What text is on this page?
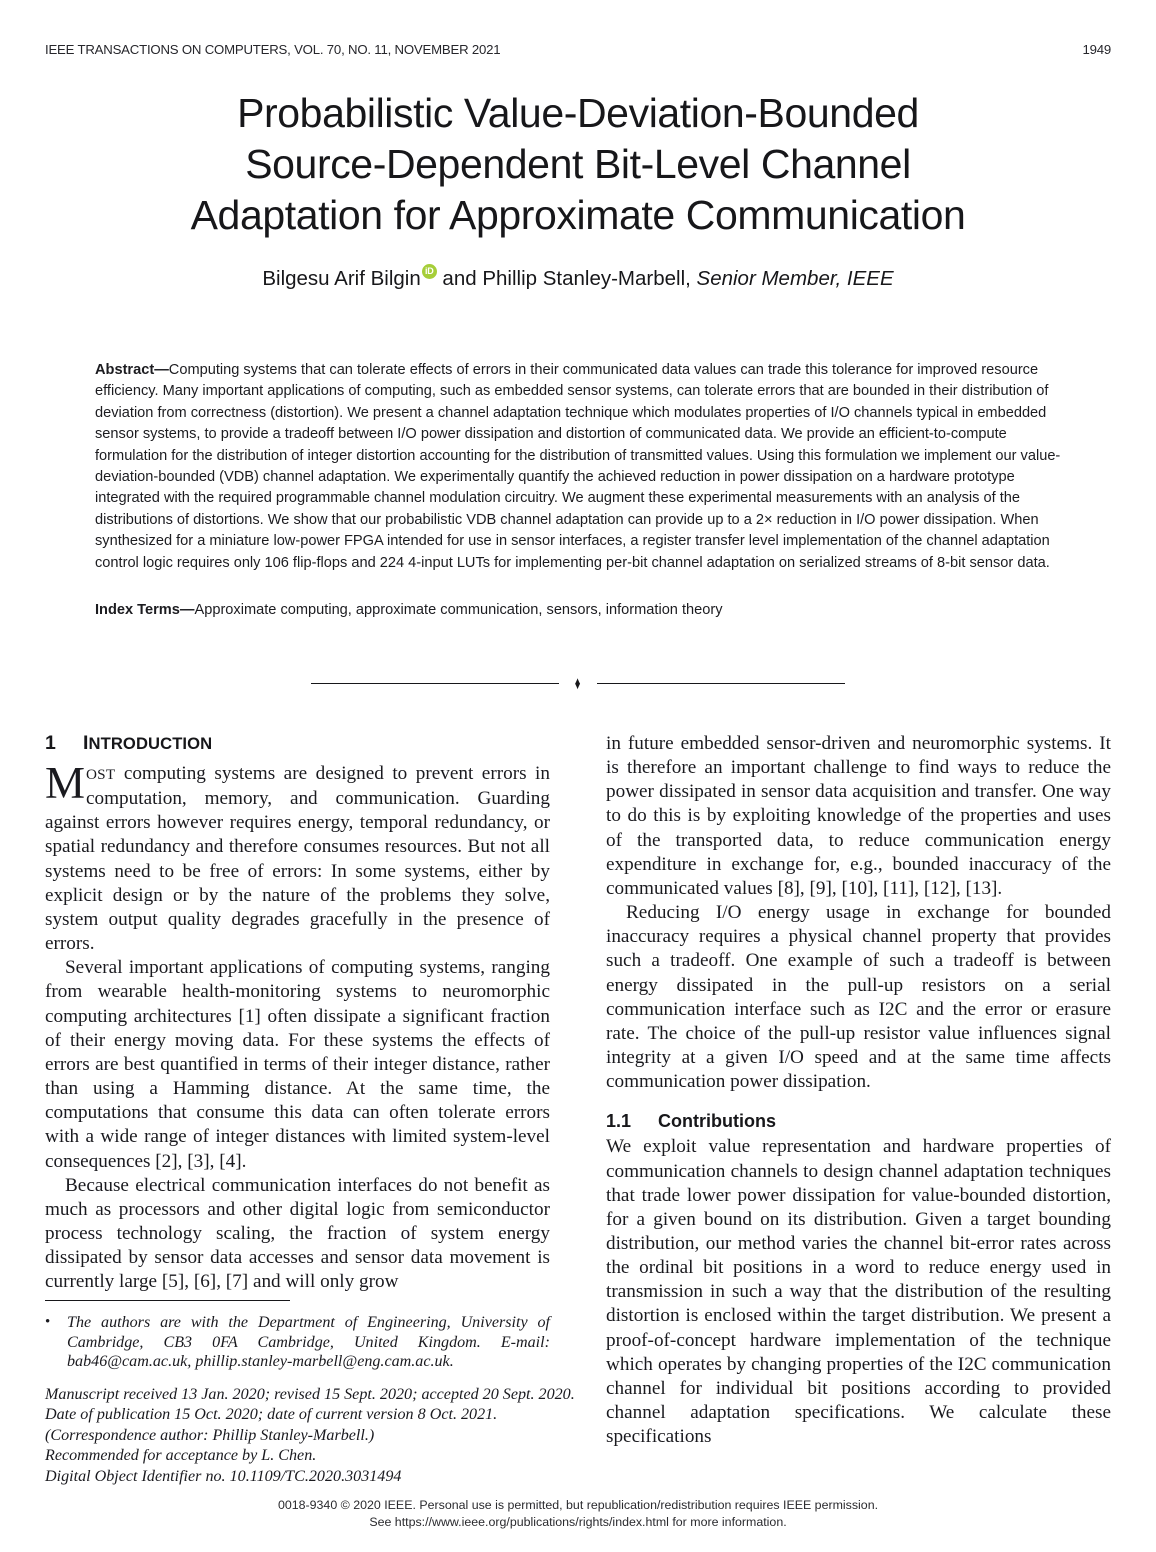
IEEE TRANSACTIONS ON COMPUTERS, VOL. 70, NO. 11, NOVEMBER 2021	1949
Probabilistic Value-Deviation-Bounded
Source-Dependent Bit-Level Channel
Adaptation for Approximate Communication
Bilgesu Arif BilginiD and Phillip Stanley-Marbell, Senior Member, IEEE

Abstract—Computing systems that can tolerate effects of errors in their communicated data values can trade this tolerance for improved resource efficiency. Many important applications of computing, such as embedded sensor systems, can tolerate errors that are bounded in their distribution of deviation from correctness (distortion). We present a channel adaptation technique which modulates properties of I/O channels typical in embedded sensor systems, to provide a tradeoff between I/O power dissipation and distortion of communicated data. We provide an efficient-to-compute formulation for the distribution of integer distortion accounting for the distribution of transmitted values. Using this formulation we implement our value-deviation-bounded (VDB) channel adaptation. We experimentally quantify the achieved reduction in power dissipation on a hardware prototype integrated with the required programmable channel modulation circuitry. We augment these experimental measurements with an analysis of the distributions of distortions. We show that our probabilistic VDB channel adaptation can provide up to a 2× reduction in I/O power dissipation. When synthesized for a miniature low-power FPGA intended for use in sensor interfaces, a register transfer level implementation of the channel adaptation control logic requires only 106 flip-flops and 224 4-input LUTs for implementing per-bit channel adaptation on serialized streams of 8-bit sensor data.

Index Terms—Approximate computing, approximate communication, sensors, information theory

♦
1 INTRODUCTION

MOST computing systems are designed to prevent errors in computation, memory, and communication. Guarding against errors however requires energy, temporal redundancy, or spatial redundancy and therefore consumes resources. But not all systems need to be free of errors: In some systems, either by explicit design or by the nature of the problems they solve, system output quality degrades gracefully in the presence of errors.

Several important applications of computing systems, ranging from wearable health-monitoring systems to neuromorphic computing architectures [1] often dissipate a significant fraction of their energy moving data. For these systems the effects of errors are best quantified in terms of their integer distance, rather than using a Hamming distance. At the same time, the computations that consume this data can often tolerate errors with a wide range of integer distances with limited system-level consequences [2], [3], [4].

Because electrical communication interfaces do not benefit as much as processors and other digital logic from semiconductor process technology scaling, the fraction of system energy dissipated by sensor data accesses and sensor data movement is currently large [5], [6], [7] and will only grow

in future embedded sensor-driven and neuromorphic systems. It is therefore an important challenge to find ways to reduce the power dissipated in sensor data acquisition and transfer. One way to do this is by exploiting knowledge of the properties and uses of the transported data, to reduce communication energy expenditure in exchange for, e.g., bounded inaccuracy of the communicated values [8], [9], [10], [11], [12], [13].

Reducing I/O energy usage in exchange for bounded inaccuracy requires a physical channel property that provides such a tradeoff. One example of such a tradeoff is between energy dissipated in the pull-up resistors on a serial communication interface such as I2C and the error or erasure rate. The choice of the pull-up resistor value influences signal integrity at a given I/O speed and at the same time affects communication power dissipation.

1.1 Contributions

We exploit value representation and hardware properties of communication channels to design channel adaptation techniques that trade lower power dissipation for value-bounded distortion, for a given bound on its distribution. Given a target bounding distribution, our method varies the channel bit-error rates across the ordinal bit positions in a word to reduce energy used in transmission in such a way that the distribution of the resulting distortion is enclosed within the target distribution. We present a proof-of-concept hardware implementation of the technique which operates by changing properties of the I2C communication channel for individual bit positions according to provided channel adaptation specifications. We calculate these specifications

•	The authors are with the Department of Engineering, University of Cambridge, CB3 0FA Cambridge, United Kingdom. E-mail: bab46@cam.ac.uk, phillip.stanley-marbell@eng.cam.ac.uk.
Manuscript received 13 Jan. 2020; revised 15 Sept. 2020; accepted 20 Sept. 2020.
Date of publication 15 Oct. 2020; date of current version 8 Oct. 2021.
(Correspondence author: Phillip Stanley-Marbell.)
Recommended for acceptance by L. Chen.
Digital Object Identifier no. 10.1109/TC.2020.3031494
0018-9340 © 2020 IEEE. Personal use is permitted, but republication/redistribution requires IEEE permission.
See https://www.ieee.org/publications/rights/index.html for more information.
